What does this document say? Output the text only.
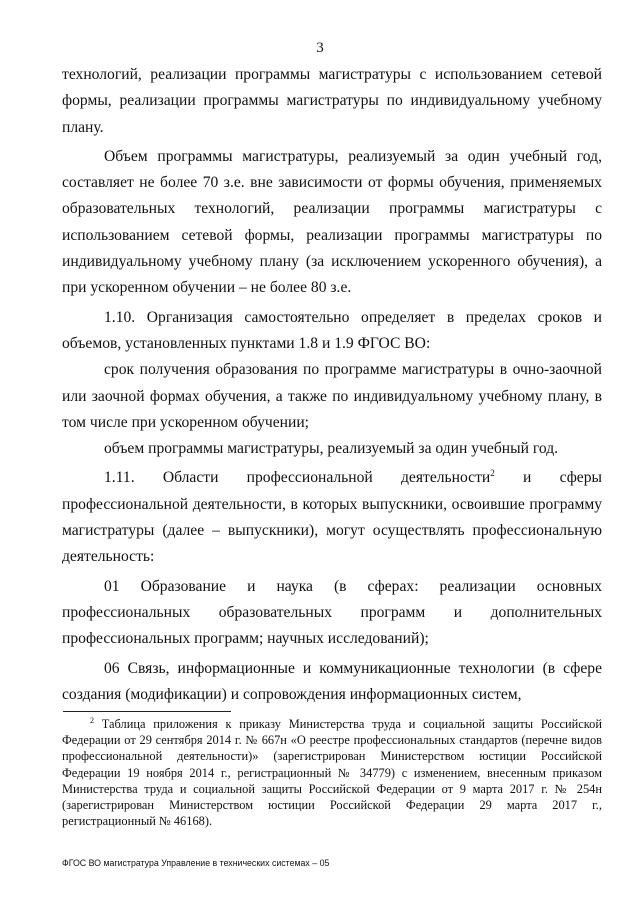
3

технологий, реализации программы магистратуры с использованием сетевой формы, реализации программы магистратуры по индивидуальному учебному плану.

Объем программы магистратуры, реализуемый за один учебный год, составляет не более 70 з.е. вне зависимости от формы обучения, применяемых образовательных технологий, реализации программы магистратуры с использованием сетевой формы, реализации программы магистратуры по индивидуальному учебному плану (за исключением ускоренного обучения), а при ускоренном обучении – не более 80 з.е.

1.10. Организация самостоятельно определяет в пределах сроков и объемов, установленных пунктами 1.8 и 1.9 ФГОС ВО:

срок получения образования по программе магистратуры в очно-заочной или заочной формах обучения, а также по индивидуальному учебному плану, в том числе при ускоренном обучении;

объем программы магистратуры, реализуемый за один учебный год.

1.11. Области профессиональной деятельности$^2$ и сферы профессиональной деятельности, в которых выпускники, освоившие программу магистратуры (далее – выпускники), могут осуществлять профессиональную деятельность:

01 Образование и наука (в сферах: реализации основных профессиональных образовательных программ и дополнительных профессиональных программ; научных исследований);

06 Связь, информационные и коммуникационные технологии (в сфере создания (модификации) и сопровождения информационных систем,

$^2$ Таблица приложения к приказу Министерства труда и социальной защиты Российской Федерации от 29 сентября 2014 г. № 667н «О реестре профессиональных стандартов (перечне видов профессиональной деятельности)» (зарегистрирован Министерством юстиции Российской Федерации 19 ноября 2014 г., регистрационный № 34779) с изменением, внесенным приказом Министерства труда и социальной защиты Российской Федерации от 9 марта 2017 г. № 254н (зарегистрирован Министерством юстиции Российской Федерации 29 марта 2017 г., регистрационный № 46168).

ФГОС ВО магистратура Управление в технических системах – 05
